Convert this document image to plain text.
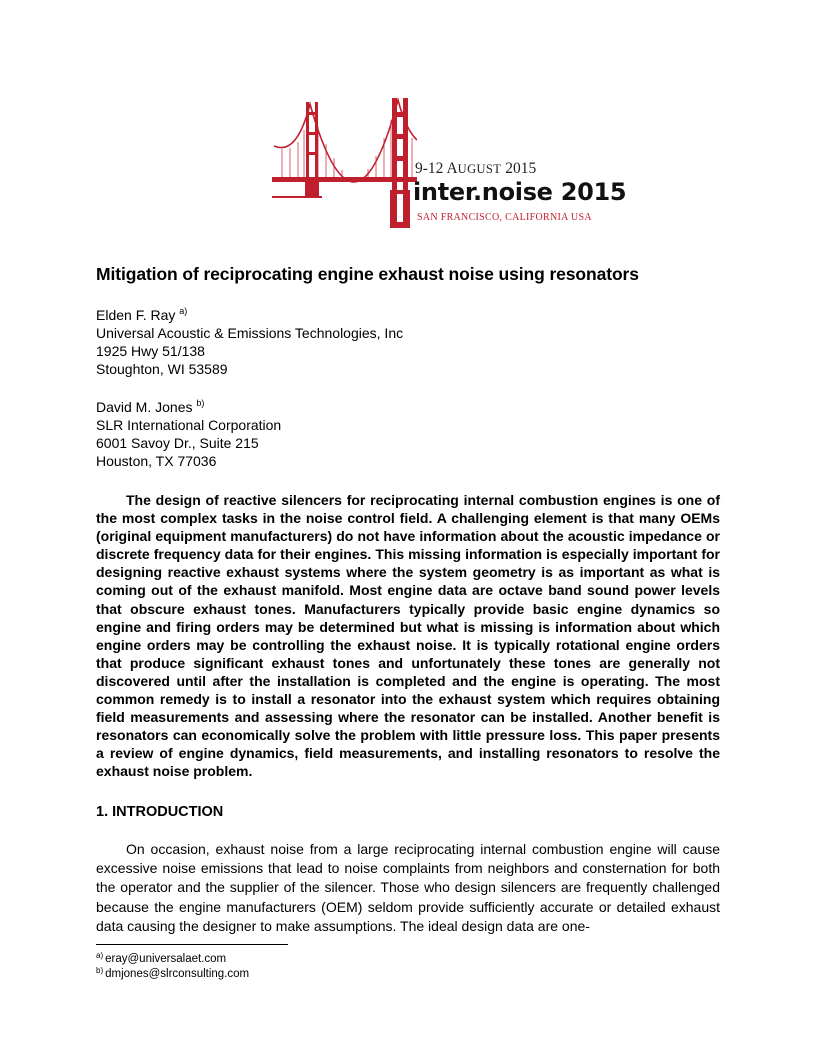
9-12 AUGUST 2015
inter.noise 2015
SAN FRANCISCO, CALIFORNIA USA
Mitigation of reciprocating engine exhaust noise using resonators
Elden F. Ray $^{a)}$
Universal Acoustic & Emissions Technologies, Inc
1925 Hwy 51/138
Stoughton, WI 53589
David M. Jones $^{b)}$
SLR International Corporation
6001 Savoy Dr., Suite 215
Houston, TX 77036

The design of reactive silencers for reciprocating internal combustion engines is one of the most complex tasks in the noise control field. A challenging element is that many OEMs (original equipment manufacturers) do not have information about the acoustic impedance or discrete frequency data for their engines. This missing information is especially important for designing reactive exhaust systems where the system geometry is as important as what is coming out of the exhaust manifold. Most engine data are octave band sound power levels that obscure exhaust tones. Manufacturers typically provide basic engine dynamics so engine and firing orders may be determined but what is missing is information about which engine orders may be controlling the exhaust noise. It is typically rotational engine orders that produce significant exhaust tones and unfortunately these tones are generally not discovered until after the installation is completed and the engine is operating. The most common remedy is to install a resonator into the exhaust system which requires obtaining field measurements and assessing where the resonator can be installed. Another benefit is resonators can economically solve the problem with little pressure loss. This paper presents a review of engine dynamics, field measurements, and installing resonators to resolve the exhaust noise problem.

1. INTRODUCTION

On occasion, exhaust noise from a large reciprocating internal combustion engine will cause excessive noise emissions that lead to noise complaints from neighbors and consternation for both the operator and the supplier of the silencer. Those who design silencers are frequently challenged because the engine manufacturers (OEM) seldom provide sufficiently accurate or detailed exhaust data causing the designer to make assumptions. The ideal design data are one-

$^{a)}$ eray@universalaet.com
$^{b)}$ dmjones@slrconsulting.com
